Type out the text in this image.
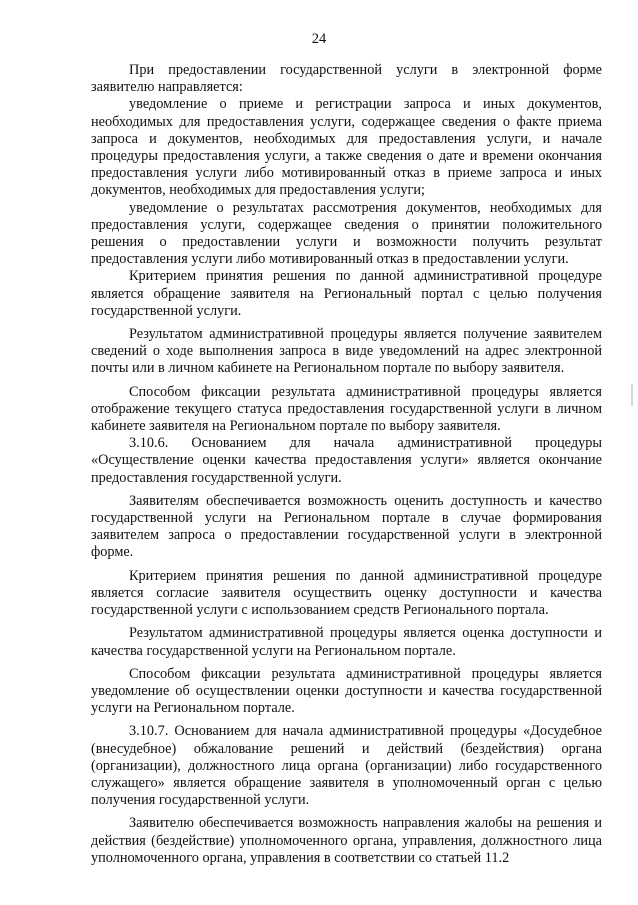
24

При предоставлении государственной услуги в электронной форме заявителю направляется:

уведомление о приеме и регистрации запроса и иных документов, необходимых для предоставления услуги, содержащее сведения о факте приема запроса и документов, необходимых для предоставления услуги, и начале процедуры предоставления услуги, а также сведения о дате и времени окончания предоставления услуги либо мотивированный отказ в приеме запроса и иных документов, необходимых для предоставления услуги;

уведомление о результатах рассмотрения документов, необходимых для предоставления услуги, содержащее сведения о принятии положительного решения о предоставлении услуги и возможности получить результат предоставления услуги либо мотивированный отказ в предоставлении услуги.

Критерием принятия решения по данной административной процедуре является обращение заявителя на Региональный портал с целью получения государственной услуги.

Результатом административной процедуры является получение заявителем сведений о ходе выполнения запроса в виде уведомлений на адрес электронной почты или в личном кабинете на Региональном портале по выбору заявителя.

Способом фиксации результата административной процедуры является отображение текущего статуса предоставления государственной услуги в личном кабинете заявителя на Региональном портале по выбору заявителя.

3.10.6. Основанием для начала административной процедуры «Осуществление оценки качества предоставления услуги» является окончание предоставления государственной услуги.

Заявителям обеспечивается возможность оценить доступность и качество государственной услуги на Региональном портале в случае формирования заявителем запроса о предоставлении государственной услуги в электронной форме.

Критерием принятия решения по данной административной процедуре является согласие заявителя осуществить оценку доступности и качества государственной услуги с использованием средств Регионального портала.

Результатом административной процедуры является оценка доступности и качества государственной услуги на Региональном портале.

Способом фиксации результата административной процедуры является уведомление об осуществлении оценки доступности и качества государственной услуги на Региональном портале.

3.10.7. Основанием для начала административной процедуры «Досудебное (внесудебное) обжалование решений и действий (бездействия) органа (организации), должностного лица органа (организации) либо государственного служащего» является обращение заявителя в уполномоченный орган с целью получения государственной услуги.

Заявителю обеспечивается возможность направления жалобы на решения и действия (бездействие) уполномоченного органа, управления, должностного лица уполномоченного органа, управления в соответствии со статьей 11.2
